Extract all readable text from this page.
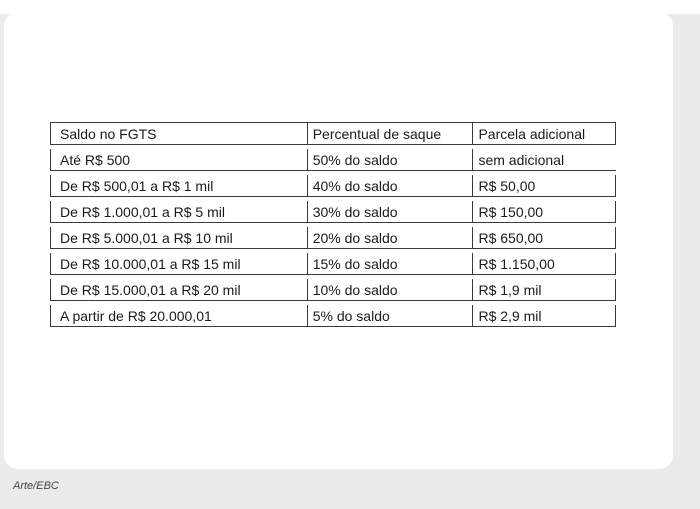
Saldo no FGTS	Percentual de saque	Parcela adicional
Até R$ 500	50% do saldo	sem adicional
De R$ 500,01 a R$ 1 mil	40% do saldo	R$ 50,00
De R$ 1.000,01 a R$ 5 mil	30% do saldo	R$ 150,00
De R$ 5.000,01 a R$ 10 mil	20% do saldo	R$ 650,00
De R$ 10.000,01 a R$ 15 mil	15% do saldo	R$ 1.150,00
De R$ 15.000,01 a R$ 20 mil	10% do saldo	R$ 1,9 mil
A partir de R$ 20.000,01	5% do saldo	R$ 2,9 mil
Arte/EBC
